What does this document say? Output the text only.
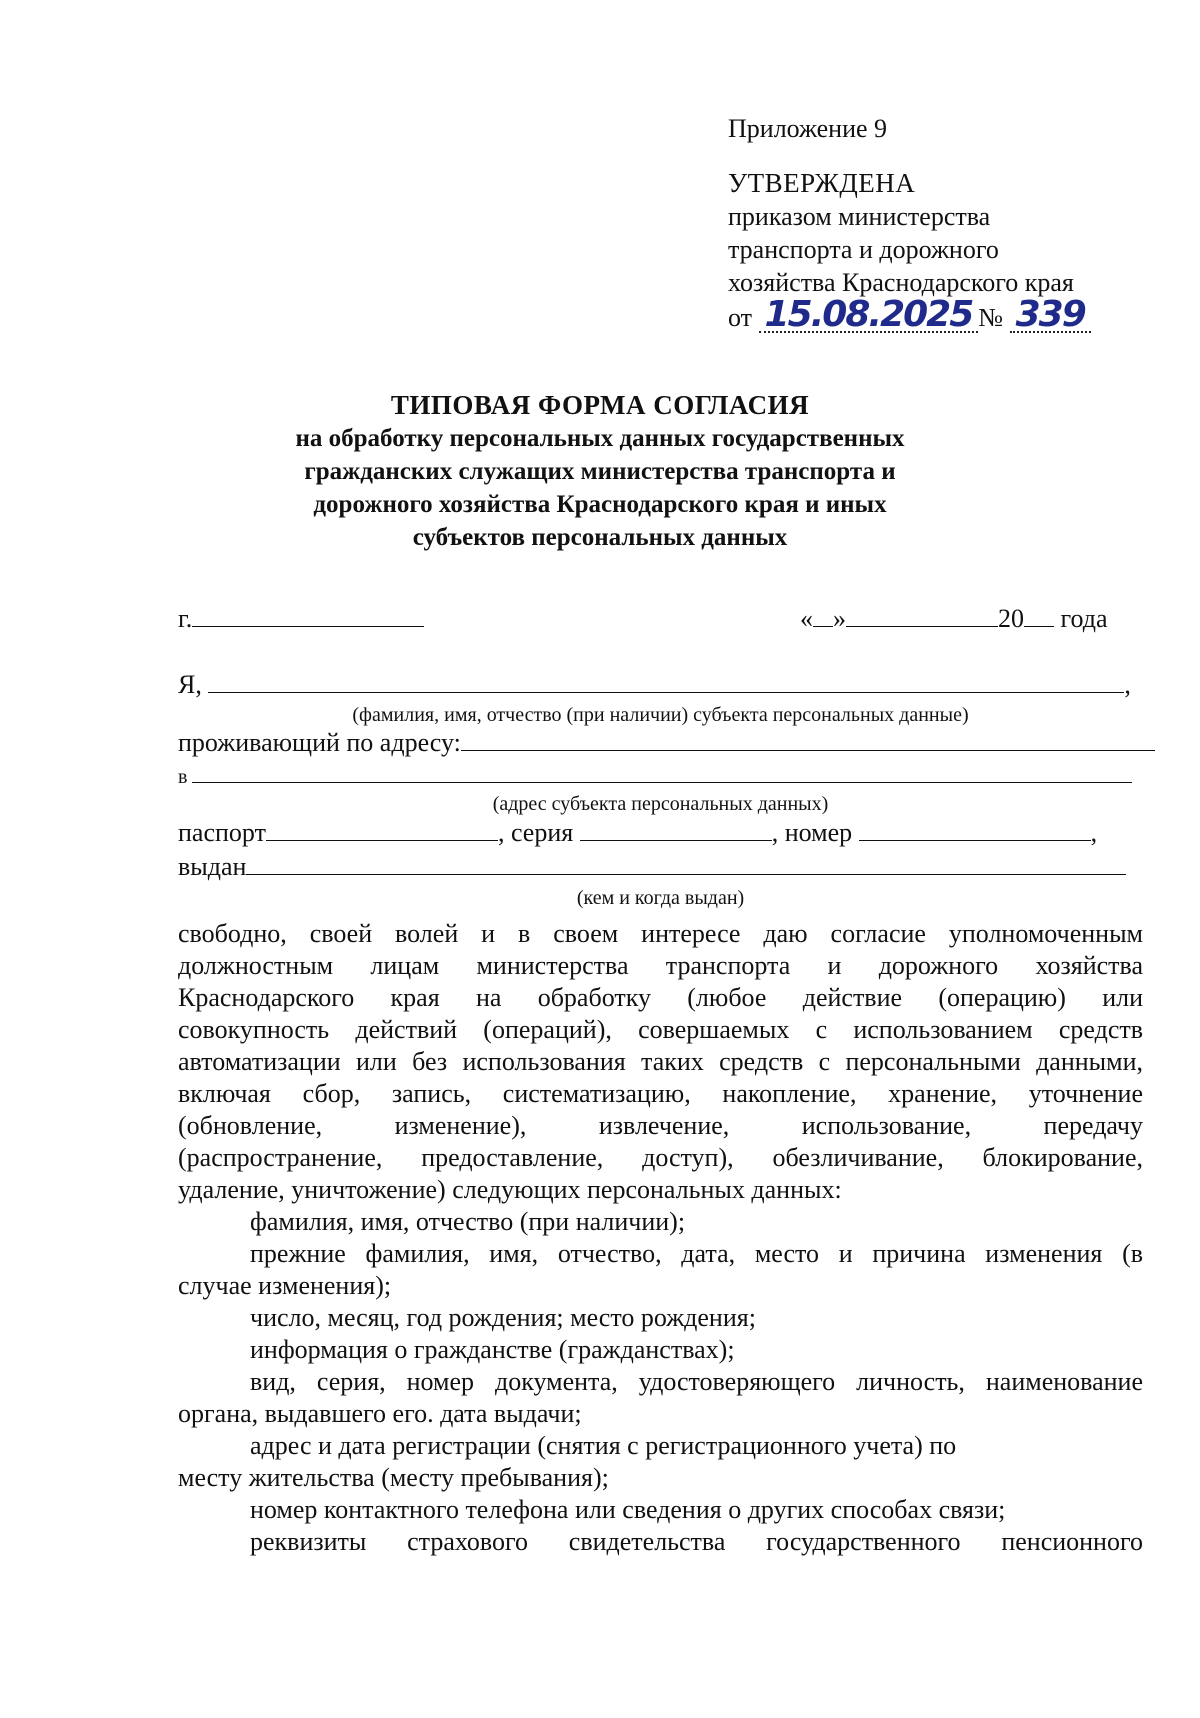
Приложение 9
УТВЕРЖДЕНА
приказом министерства
транспорта и дорожного
хозяйства Краснодарского края
от 15.08.2025 № 339
ТИПОВАЯ ФОРМА СОГЛАСИЯ
на обработку персональных данных государственных
гражданских служащих министерства транспорта и
дорожного хозяйства Краснодарского края и иных
субъектов персональных данных
г.	« »	20 года
Я,	,
(фамилия, имя, отчество (при наличии) субъекта персональных данные)
проживающий по адресу:
в
(адрес субъекта персональных данных)
паспорт	, серия	, номер	,
выдан
(кем и когда выдан)

свободно, своей волей и в своем интересе даю согласие уполномоченным

должностным лицам министерства транспорта и дорожного хозяйства

Краснодарского края на обработку (любое действие (операцию) или

совокупность действий (операций), совершаемых с использованием средств

автоматизации или без использования таких средств с персональными данными,

включая сбор, запись, систематизацию, накопление, хранение, уточнение

(обновление, изменение), извлечение, использование, передачу

(распространение, предоставление, доступ), обезличивание, блокирование,

удаление, уничтожение) следующих персональных данных:

фамилия, имя, отчество (при наличии);

прежние фамилия, имя, отчество, дата, место и причина изменения (в

случае изменения);

число, месяц, год рождения; место рождения;

информация о гражданстве (гражданствах);

вид, серия, номер документа, удостоверяющего личность, наименование

органа, выдавшего его. дата выдачи;

адрес и дата регистрации (снятия с регистрационного учета) по

месту жительства (месту пребывания);

номер контактного телефона или сведения о других способах связи;

реквизиты страхового свидетельства государственного пенсионного
